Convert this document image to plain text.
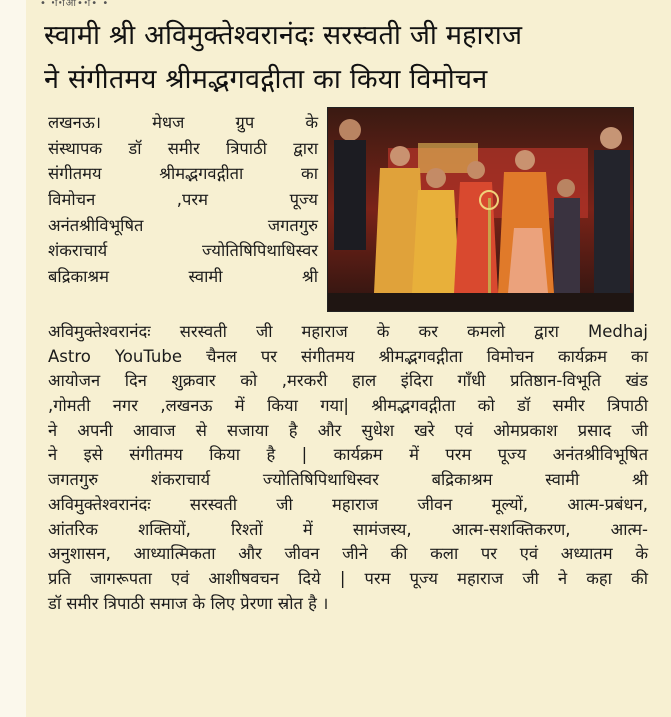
• •ा•ाआ••ा• •
स्वामी श्री अविमुक्तेश्वरानंदः सरस्वती जी महाराज
ने संगीतमय श्रीमद्भगवद्गीता का किया विमोचन
लखनऊ। मेधज ग्रुप के
संस्थापक डॉ समीर त्रिपाठी द्वारा
संगीतमय श्रीमद्भगवद्गीता का
विमोचन ,परम पूज्य
अनंतश्रीविभूषित जगतगुरु
शंकराचार्य ज्योतिषिपिथाधिस्वर
बद्रिकाश्रम स्वामी श्री
अविमुक्तेश्वरानंदः सरस्वती जी महाराज के कर कमलो द्वारा Medhaj
Astro YouTube चैनल पर संगीतमय श्रीमद्भगवद्गीता विमोचन कार्यक्रम का
आयोजन दिन शुक्रवार को ,मरकरी हाल इंदिरा गाँधी प्रतिष्ठान-विभूति खंड
,गोमती नगर ,लखनऊ में किया गया| श्रीमद्भगवद्गीता को डॉ समीर त्रिपाठी
ने अपनी आवाज से सजाया है और सुधेश खरे एवं ओमप्रकाश प्रसाद जी
ने इसे संगीतमय किया है | कार्यक्रम में परम पूज्य अनंतश्रीविभूषित
जगतगुरु शंकराचार्य ज्योतिषिपिथाधिस्वर बद्रिकाश्रम स्वामी श्री
अविमुक्तेश्वरानंदः सरस्वती जी महाराज जीवन मूल्यों, आत्म-प्रबंधन,
आंतरिक शक्तियों, रिश्तों में सामंजस्य, आत्म-सशक्तिकरण, आत्म-
अनुशासन, आध्यात्मिकता और जीवन जीने की कला पर एवं अध्यातम के
प्रति जागरूपता एवं आशीषवचन दिये | परम पूज्य महाराज जी ने कहा की
डॉ समीर त्रिपाठी समाज के लिए प्रेरणा स्रोत है ।
